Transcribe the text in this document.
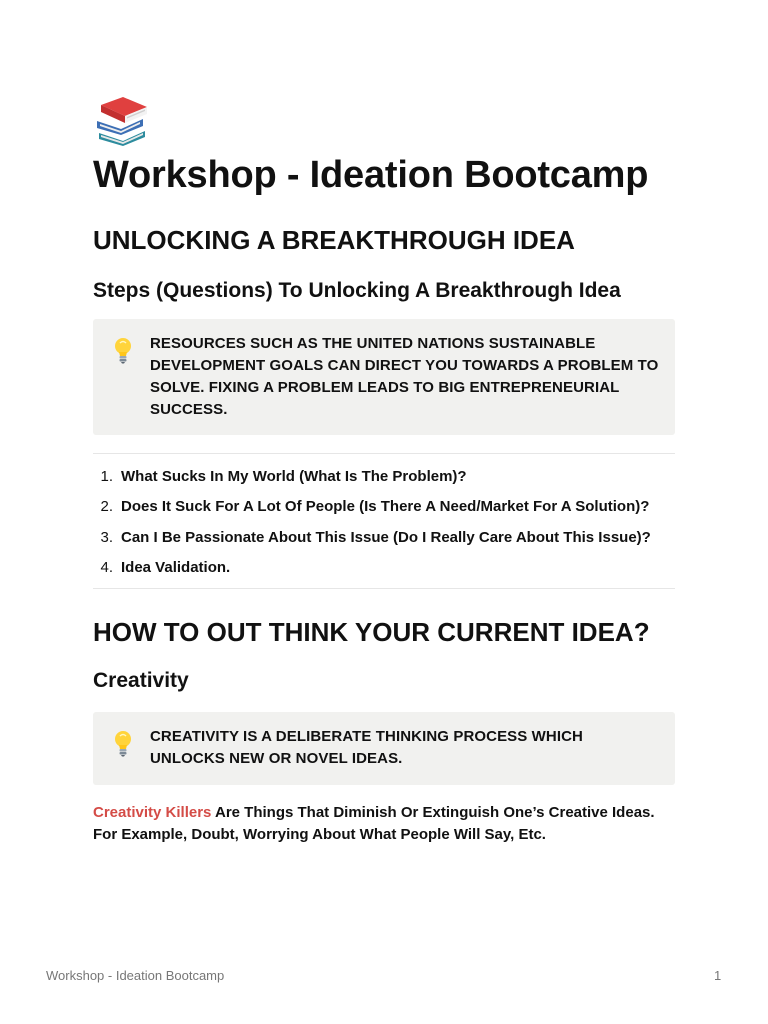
Workshop - Ideation Bootcamp
UNLOCKING A BREAKTHROUGH IDEA
Steps (Questions) To Unlocking A Breakthrough Idea
RESOURCES SUCH AS THE UNITED NATIONS SUSTAINABLE DEVELOPMENT GOALS CAN DIRECT YOU TOWARDS A PROBLEM TO SOLVE. FIXING A PROBLEM LEADS TO BIG ENTREPRENEURIAL SUCCESS.
1. What Sucks In My World (What Is The Problem)?
2. Does It Suck For A Lot Of People (Is There A Need/Market For A Solution)?
3. Can I Be Passionate About This Issue (Do I Really Care About This Issue)?
4. Idea Validation.
HOW TO OUT THINK YOUR CURRENT IDEA?
Creativity
CREATIVITY IS A DELIBERATE THINKING PROCESS WHICH UNLOCKS NEW OR NOVEL IDEAS.

Creativity Killers Are Things That Diminish Or Extinguish One’s Creative Ideas. For Example, Doubt, Worrying About What People Will Say, Etc.

Workshop - Ideation Bootcamp	1
